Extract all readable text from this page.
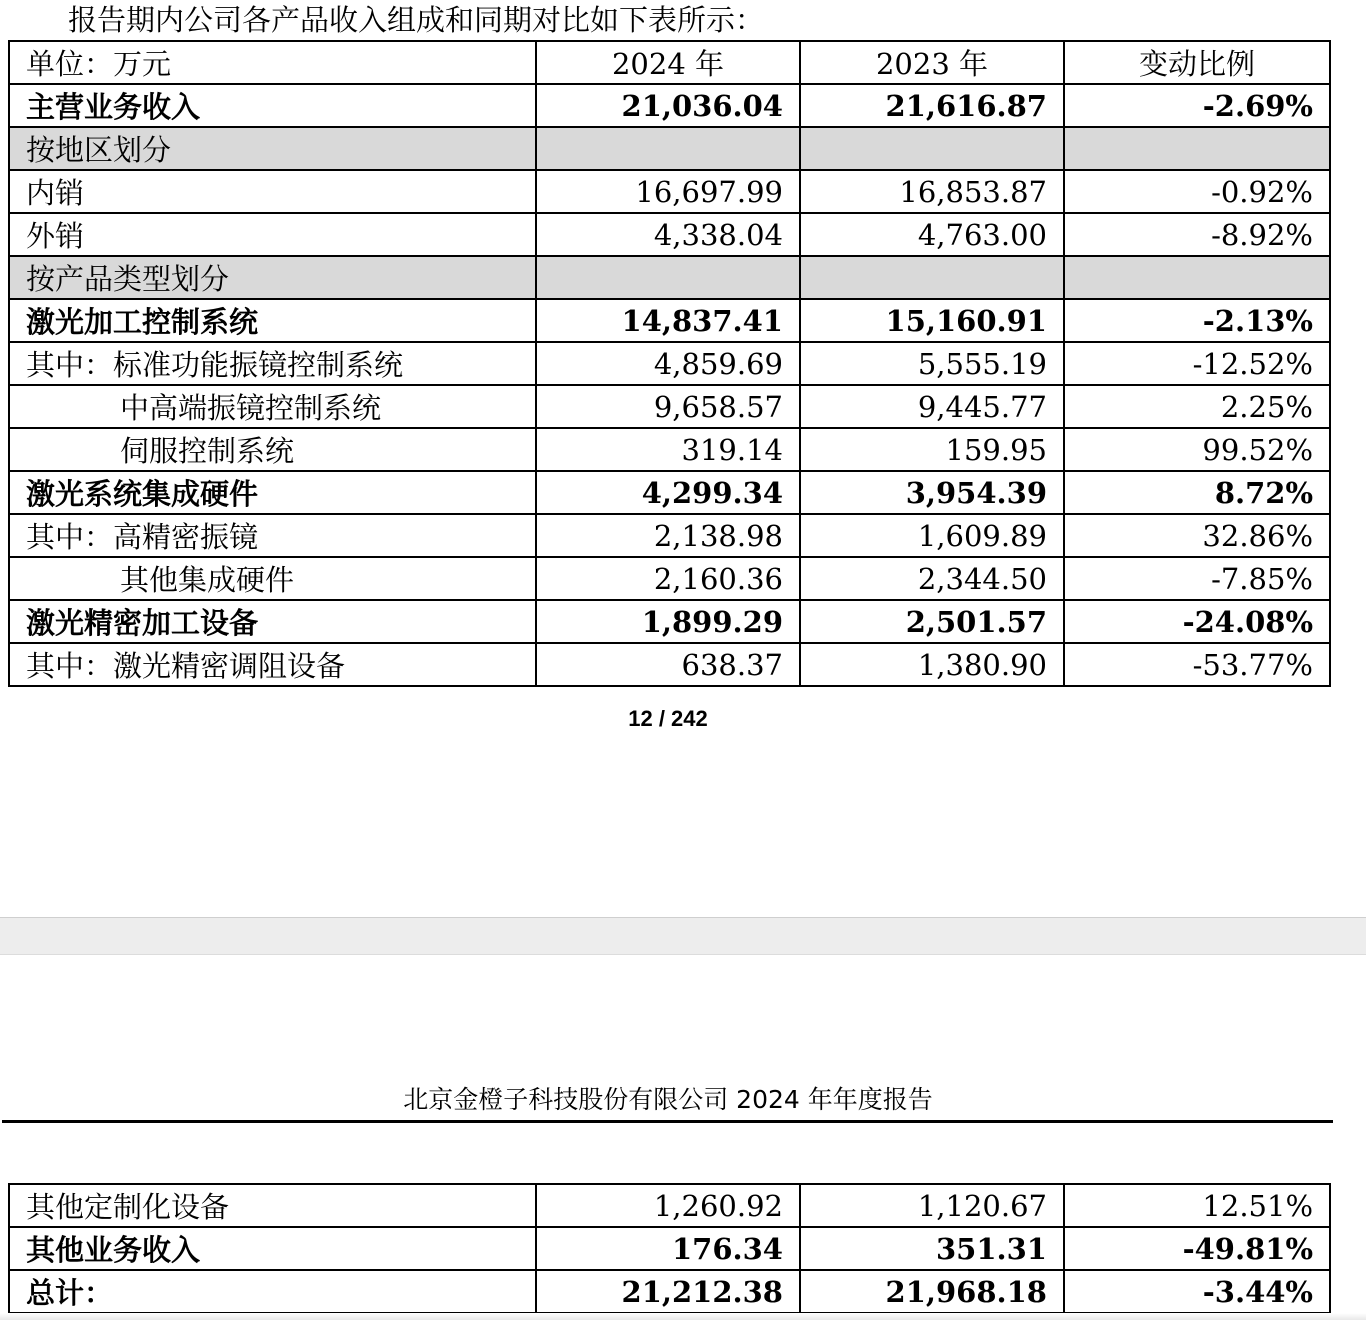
报告期内公司各产品收入组成和同期对比如下表所示：
单位：万元	2024 年	2023 年	变动比例
主营业务收入	21,036.04	21,616.87	-2.69%
按地区划分			
内销	16,697.99	16,853.87	-0.92%
外销	4,338.04	4,763.00	-8.92%
按产品类型划分			
激光加工控制系统	14,837.41	15,160.91	-2.13%
其中：标准功能振镜控制系统	4,859.69	5,555.19	-12.52%
中高端振镜控制系统	9,658.57	9,445.77	2.25%
伺服控制系统	319.14	159.95	99.52%
激光系统集成硬件	4,299.34	3,954.39	8.72%
其中：高精密振镜	2,138.98	1,609.89	32.86%
其他集成硬件	2,160.36	2,344.50	-7.85%
激光精密加工设备	1,899.29	2,501.57	-24.08%
其中：激光精密调阻设备	638.37	1,380.90	-53.77%
12 / 242
北京金橙子科技股份有限公司 2024 年年度报告
其他定制化设备	1,260.92	1,120.67	12.51%
其他业务收入	176.34	351.31	-49.81%
总计：	21,212.38	21,968.18	-3.44%
